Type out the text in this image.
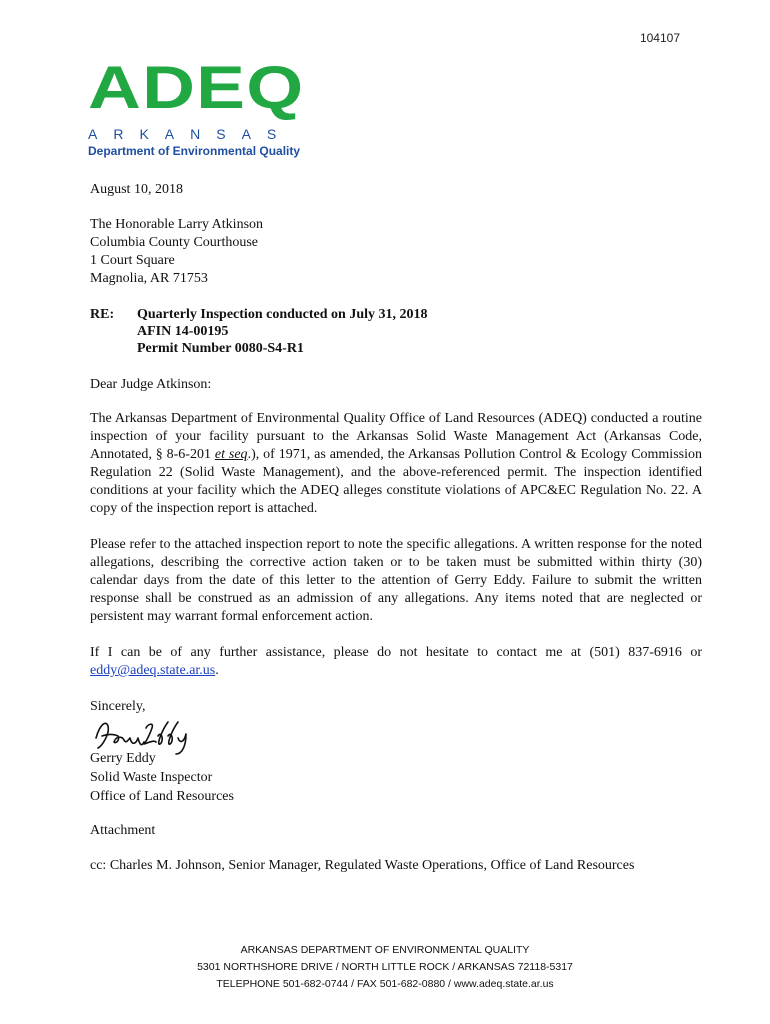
104107
ADEQ
ARKANSAS
Department of Environmental Quality
August 10, 2018
The Honorable Larry Atkinson
Columbia County Courthouse
1 Court Square
Magnolia, AR 71753
RE: Quarterly Inspection conducted on July 31, 2018
AFIN 14-00195
Permit Number 0080-S4-R1
Dear Judge Atkinson:
The Arkansas Department of Environmental Quality Office of Land Resources (ADEQ) conducted a routine inspection of your facility pursuant to the Arkansas Solid Waste Management Act (Arkansas Code, Annotated, § 8-6-201 et seq.), of 1971, as amended, the Arkansas Pollution Control & Ecology Commission Regulation 22 (Solid Waste Management), and the above-referenced permit. The inspection identified conditions at your facility which the ADEQ alleges constitute violations of APC&EC Regulation No. 22. A copy of the inspection report is attached.
Please refer to the attached inspection report to note the specific allegations. A written response for the noted allegations, describing the corrective action taken or to be taken must be submitted within thirty (30) calendar days from the date of this letter to the attention of Gerry Eddy. Failure to submit the written response shall be construed as an admission of any allegations. Any items noted that are neglected or persistent may warrant formal enforcement action.
If I can be of any further assistance, please do not hesitate to contact me at (501) 837-6916 or eddy@adeq.state.ar.us.
Sincerely,
Gerry Eddy
Solid Waste Inspector
Office of Land Resources
Attachment
cc: Charles M. Johnson, Senior Manager, Regulated Waste Operations, Office of Land Resources
ARKANSAS DEPARTMENT OF ENVIRONMENTAL QUALITY
5301 NORTHSHORE DRIVE / NORTH LITTLE ROCK / ARKANSAS 72118-5317
TELEPHONE 501-682-0744 / FAX 501-682-0880 / www.adeq.state.ar.us
